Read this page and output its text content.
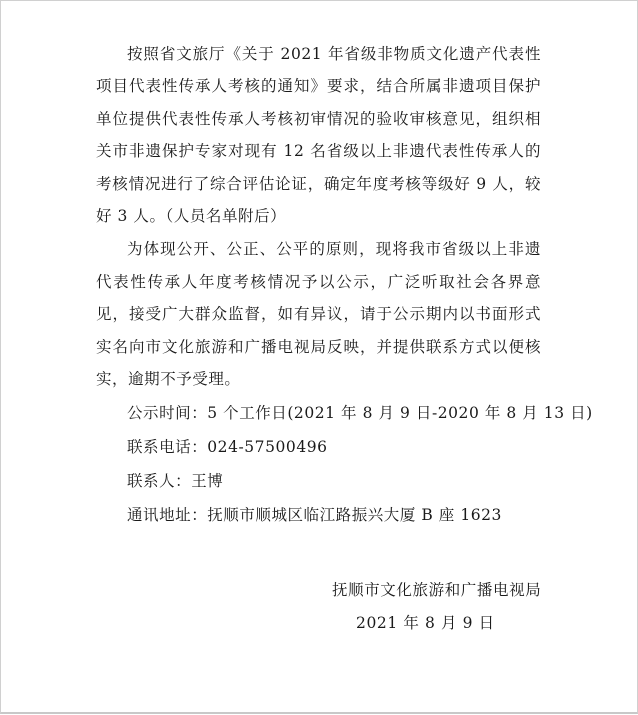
按照省文旅厅《关于 2021 年省级非物质文化遗产代表性项目代表性传承人考核的通知》要求，结合所属非遗项目保护单位提供代表性传承人考核初审情况的验收审核意见，组织相关市非遗保护专家对现有 12 名省级以上非遗代表性传承人的考核情况进行了综合评估论证，确定年度考核等级好 9 人，较好 3 人。（人员名单附后）

为体现公开、公正、公平的原则，现将我市省级以上非遗代表性传承人年度考核情况予以公示，广泛听取社会各界意见，接受广大群众监督，如有异议，请于公示期内以书面形式实名向市文化旅游和广播电视局反映，并提供联系方式以便核实，逾期不予受理。

公示时间：5 个工作日(2021 年 8 月 9 日-2020 年 8 月 13 日)

联系电话：024-57500496

联系人：王博

通讯地址：抚顺市顺城区临江路振兴大厦 B 座 1623

抚顺市文化旅游和广播电视局
2021 年 8 月 9 日
